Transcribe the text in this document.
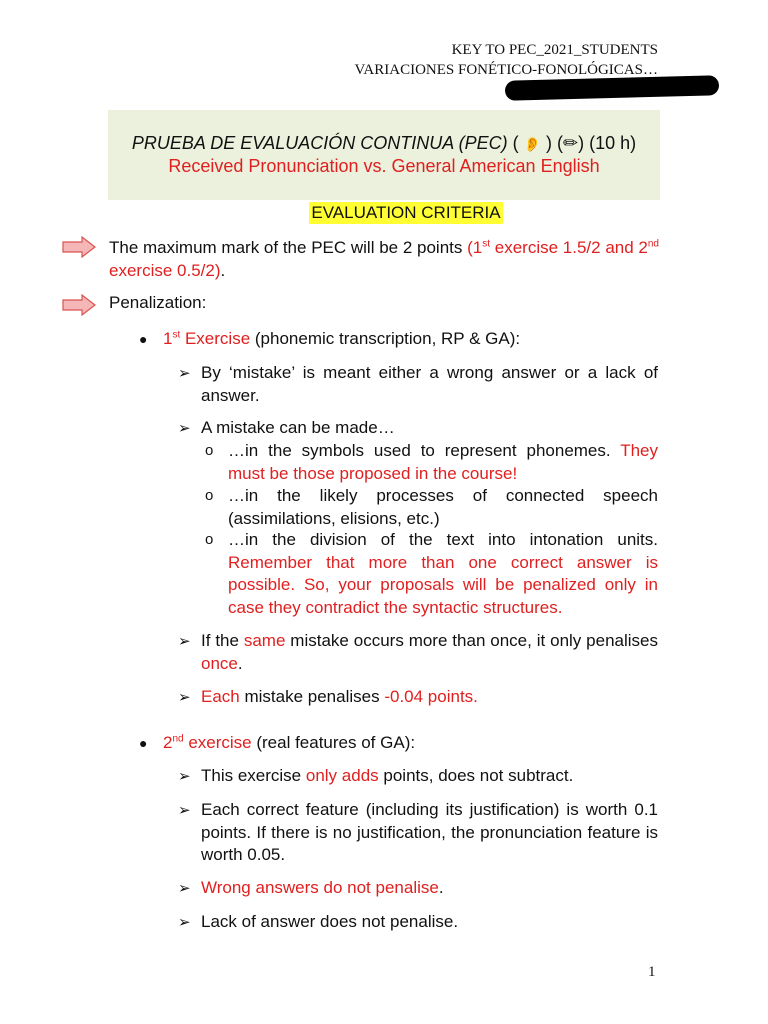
KEY TO PEC_2021_STUDENTS
VARIACIONES FONÉTICO-FONOLÓGICAS…
PRUEBA DE EVALUACIÓN CONTINUA (PEC) ( 👂 ) (✏) (10 h)
Received Pronunciation vs. General American English
EVALUATION CRITERIA
The maximum mark of the PEC will be 2 points (1st exercise 1.5/2 and 2nd exercise 0.5/2).
Penalization:
● 1st Exercise (phonemic transcription, RP & GA):
➢ By ‘mistake’ is meant either a wrong answer or a lack of answer.
➢ A mistake can be made…
o …in the symbols used to represent phonemes. They must be those proposed in the course!
o …in the likely processes of connected speech (assimilations, elisions, etc.)
o …in the division of the text into intonation units. Remember that more than one correct answer is possible. So, your proposals will be penalized only in case they contradict the syntactic structures.
➢ If the same mistake occurs more than once, it only penalises once.
➢ Each mistake penalises -0.04 points.
● 2nd exercise (real features of GA):
➢ This exercise only adds points, does not subtract.
➢ Each correct feature (including its justification) is worth 0.1 points. If there is no justification, the pronunciation feature is worth 0.05.
➢ Wrong answers do not penalise.
➢ Lack of answer does not penalise.
1
